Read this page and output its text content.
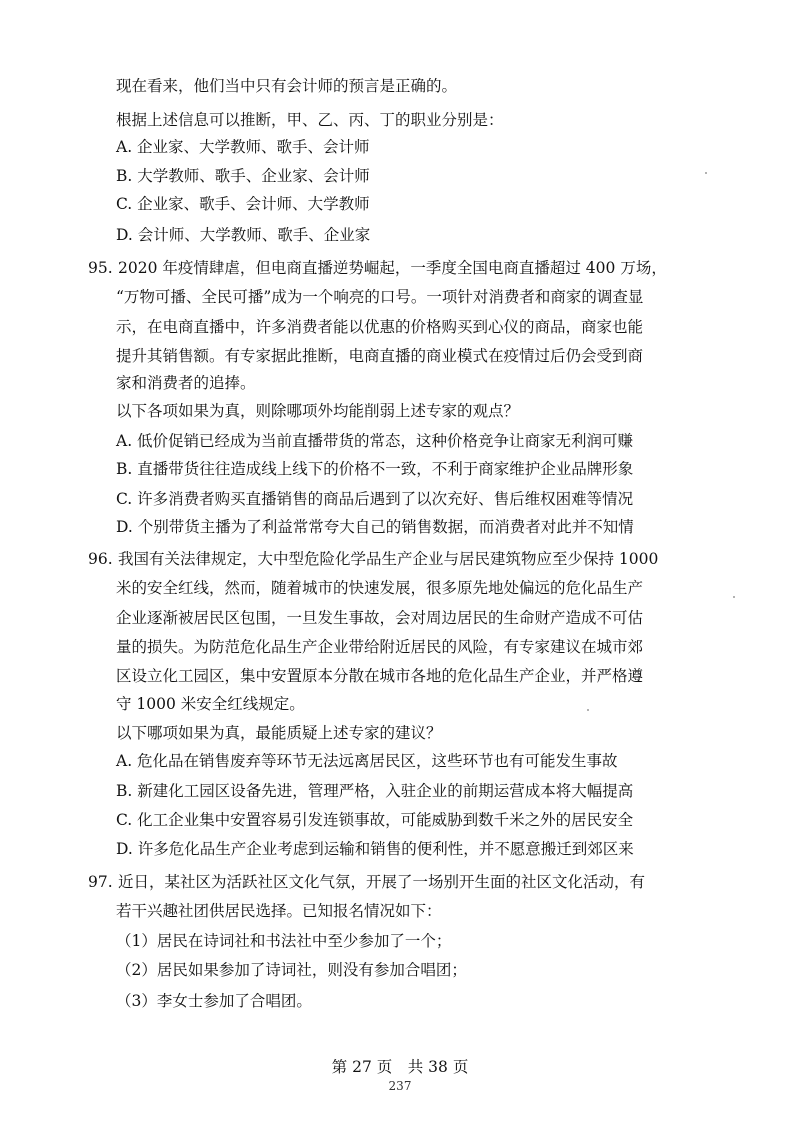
现在看来，他们当中只有会计师的预言是正确的。
根据上述信息可以推断，甲、乙、丙、丁的职业分别是：
A. 企业家、大学教师、歌手、会计师
B. 大学教师、歌手、企业家、会计师
C. 企业家、歌手、会计师、大学教师
D. 会计师、大学教师、歌手、企业家
95. 2020 年疫情肆虐，但电商直播逆势崛起，一季度全国电商直播超过 400 万场，
“万物可播、全民可播”成为一个响亮的口号。一项针对消费者和商家的调查显
示，在电商直播中，许多消费者能以优惠的价格购买到心仪的商品，商家也能
提升其销售额。有专家据此推断，电商直播的商业模式在疫情过后仍会受到商
家和消费者的追捧。
以下各项如果为真，则除哪项外均能削弱上述专家的观点？
A. 低价促销已经成为当前直播带货的常态，这种价格竞争让商家无利润可赚
B. 直播带货往往造成线上线下的价格不一致，不利于商家维护企业品牌形象
C. 许多消费者购买直播销售的商品后遇到了以次充好、售后维权困难等情况
D. 个别带货主播为了利益常常夸大自己的销售数据，而消费者对此并不知情
96. 我国有关法律规定，大中型危险化学品生产企业与居民建筑物应至少保持 1000
米的安全红线，然而，随着城市的快速发展，很多原先地处偏远的危化品生产
企业逐渐被居民区包围，一旦发生事故，会对周边居民的生命财产造成不可估
量的损失。为防范危化品生产企业带给附近居民的风险，有专家建议在城市郊
区设立化工园区，集中安置原本分散在城市各地的危化品生产企业，并严格遵
守 1000 米安全红线规定。
以下哪项如果为真，最能质疑上述专家的建议？
A. 危化品在销售废弃等环节无法远离居民区，这些环节也有可能发生事故
B. 新建化工园区设备先进，管理严格，入驻企业的前期运营成本将大幅提高
C. 化工企业集中安置容易引发连锁事故，可能威胁到数千米之外的居民安全
D. 许多危化品生产企业考虑到运输和销售的便利性，并不愿意搬迁到郊区来
97. 近日，某社区为活跃社区文化气氛，开展了一场别开生面的社区文化活动，有
若干兴趣社团供居民选择。已知报名情况如下：
（1）居民在诗词社和书法社中至少参加了一个；
（2）居民如果参加了诗词社，则没有参加合唱团；
（3）李女士参加了合唱团。
第 27 页　共 38 页
237
